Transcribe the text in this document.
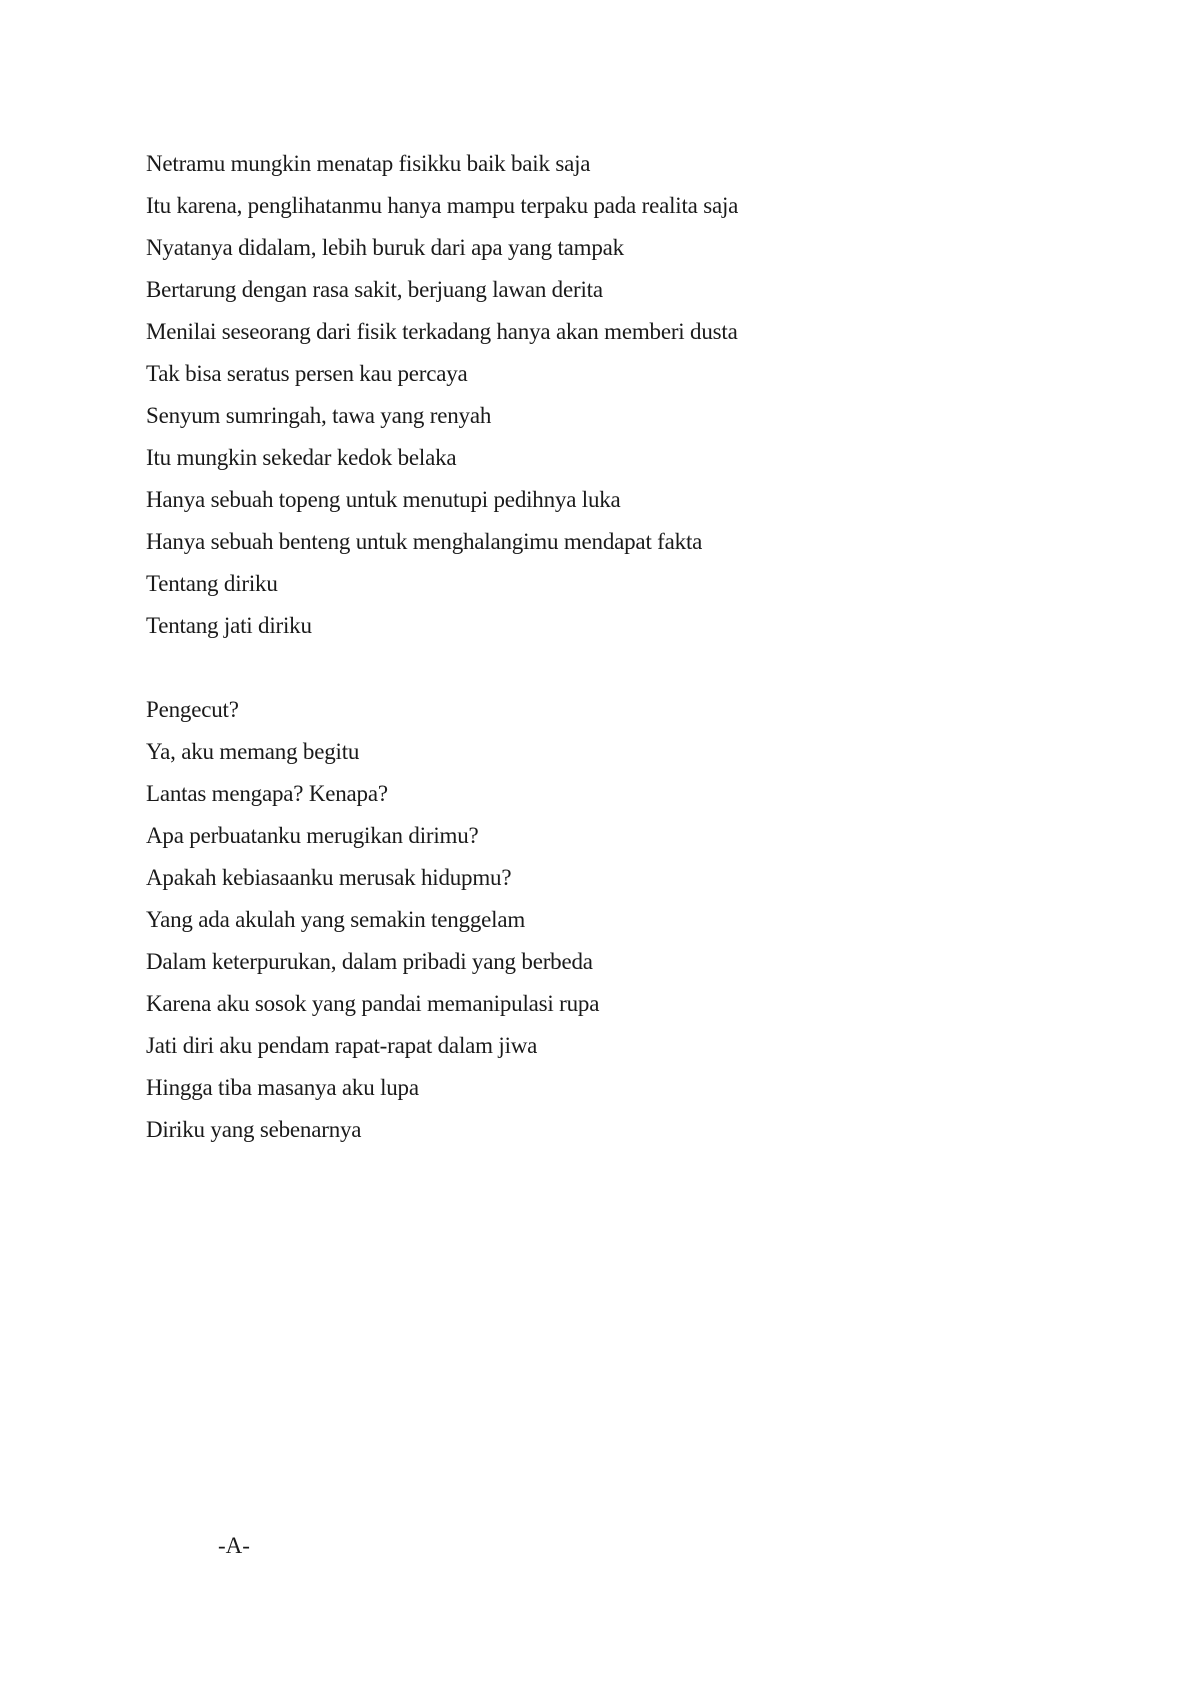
Netramu mungkin menatap fisikku baik baik saja
Itu karena, penglihatanmu hanya mampu terpaku pada realita saja
Nyatanya didalam, lebih buruk dari apa yang tampak
Bertarung dengan rasa sakit, berjuang lawan derita
Menilai seseorang dari fisik terkadang hanya akan memberi dusta
Tak bisa seratus persen kau percaya
Senyum sumringah, tawa yang renyah
Itu mungkin sekedar kedok belaka
Hanya sebuah topeng untuk menutupi pedihnya luka
Hanya sebuah benteng untuk menghalangimu mendapat fakta
Tentang diriku
Tentang jati diriku
Pengecut?
Ya, aku memang begitu
Lantas mengapa? Kenapa?
Apa perbuatanku merugikan dirimu?
Apakah kebiasaanku merusak hidupmu?
Yang ada akulah yang semakin tenggelam
Dalam keterpurukan, dalam pribadi yang berbeda
Karena aku sosok yang pandai memanipulasi rupa
Jati diri aku pendam rapat-rapat dalam jiwa
Hingga tiba masanya aku lupa
Diriku yang sebenarnya
-A-
